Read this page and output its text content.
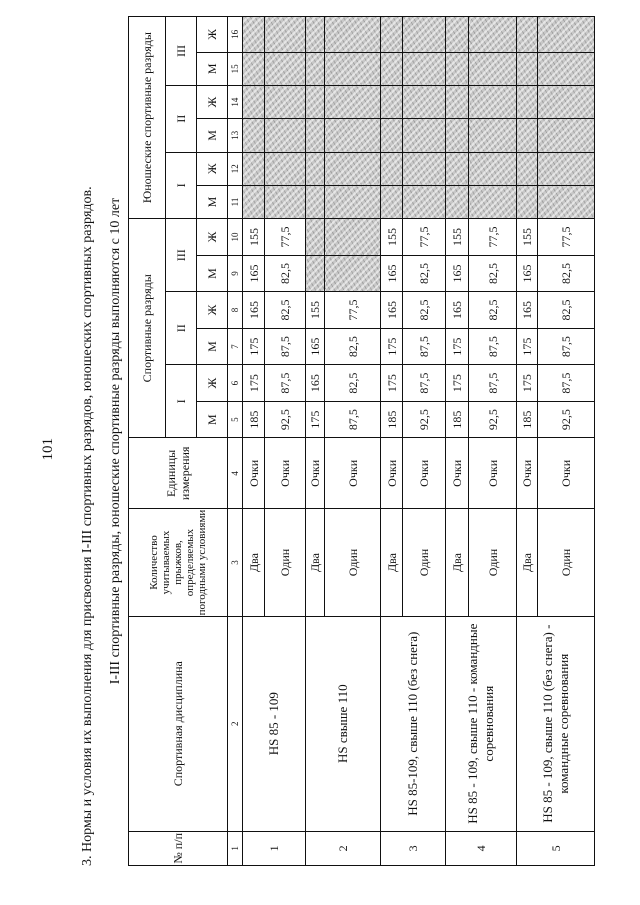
101 3. Нормы и условия их выполнения для присвоения I-III спортивных разрядов, юношеских спортивных разрядов. I-III спортивные разряды, юношеские спортивные разряды выполняются с 10 лет
№ п/п	Спортивная дисциплина	Количество учитываемых прыжков, определяемых погодными условиями	Единицы измерения	Спортивные разряды						Юношеские спортивные разряды					
				I		II		III		I		II		III	
				М	Ж	М	Ж	М	Ж	М	Ж	М	Ж	М	Ж
1	2	3	4	5	6	7	8	9	10	11	12	13	14	15	16
1	HS 85 - 109	Два	Очки	185	175	175	165	165	155						
		Один	Очки	92,5	87,5	87,5	82,5	82,5	77,5						
2	HS свыше 110	Два	Очки	175	165	165	155								
		Один	Очки	87,5	82,5	82,5	77,5								
3	HS 85-109, свыше 110 (без снега)	Два	Очки	185	175	175	165	165	155						
		Один	Очки	92,5	87,5	87,5	82,5	82,5	77,5						
4	HS 85 - 109, свыше 110 - командные соревнования	Два	Очки	185	175	175	165	165	155						
		Один	Очки	92,5	87,5	87,5	82,5	82,5	77,5						
5	HS 85 - 109, свыше 110 (без снега) - командные соревнования	Два	Очки	185	175	175	165	165	155						
		Один	Очки	92,5	87,5	87,5	82,5	82,5	77,5						
